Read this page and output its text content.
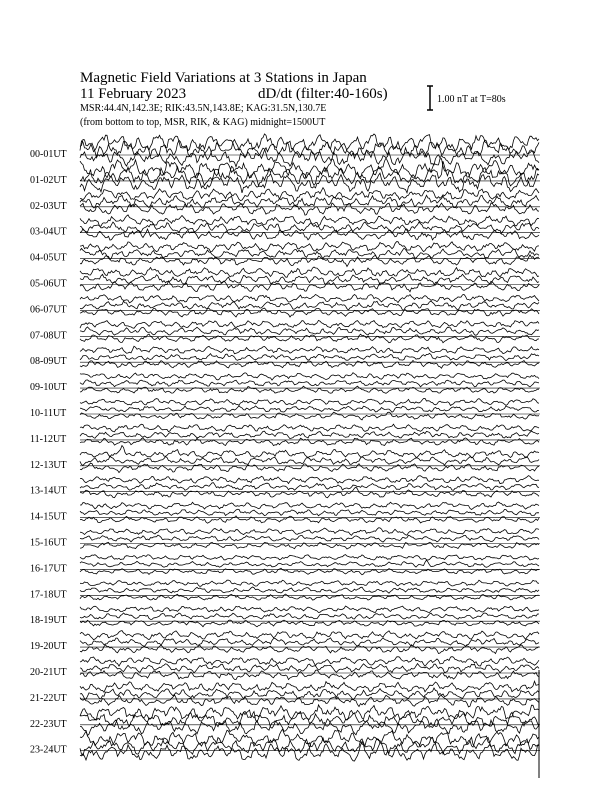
00-01UT
01-02UT
02-03UT
03-04UT
04-05UT
05-06UT
06-07UT
07-08UT
08-09UT
09-10UT
10-11UT
11-12UT
12-13UT
13-14UT
14-15UT
15-16UT
16-17UT
17-18UT
18-19UT
19-20UT
20-21UT
21-22UT
22-23UT
23-24UT
Magnetic Field Variations at 3 Stations in Japan
11 February 2023	dD/dt (filter:40-160s)
MSR:44.4N,142.3E; RIK:43.5N,143.8E; KAG:31.5N,130.7E
(from bottom to top, MSR, RIK, & KAG) midnight=1500UT
1.00 nT at T=80s
